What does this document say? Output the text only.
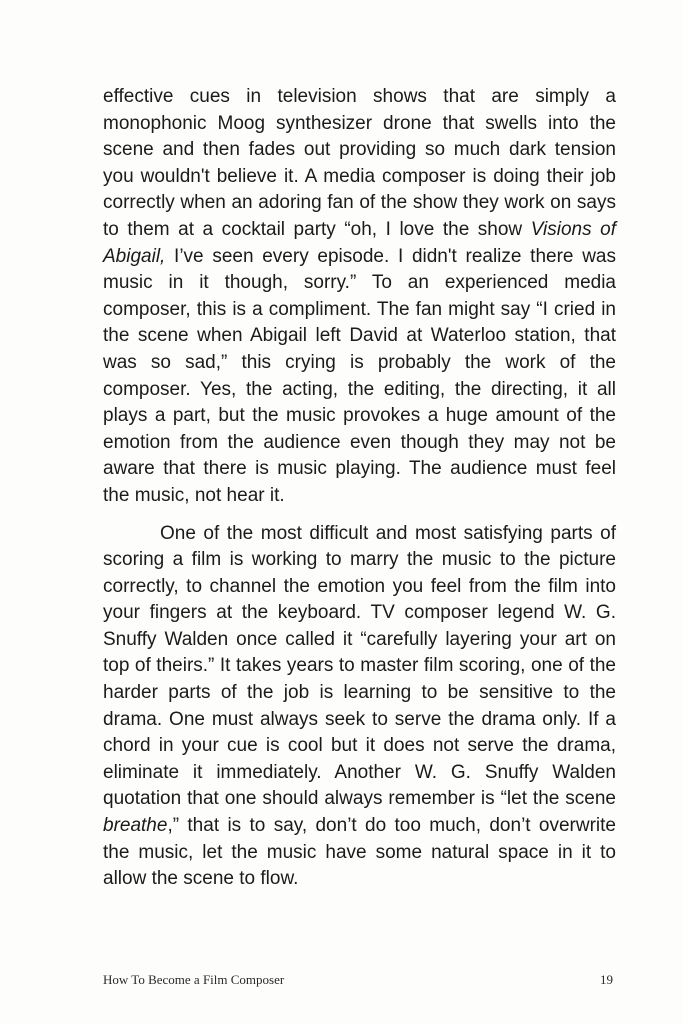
effective cues in television shows that are simply a monophonic Moog synthesizer drone that swells into the scene and then fades out providing so much dark tension you wouldn't believe it. A media composer is doing their job correctly when an adoring fan of the show they work on says to them at a cocktail party “oh, I love the show Visions of Abigail, I’ve seen every episode. I didn't realize there was music in it though, sorry.” To an experienced media composer, this is a compliment. The fan might say “I cried in the scene when Abigail left David at Waterloo station, that was so sad,” this crying is probably the work of the composer. Yes, the acting, the editing, the directing, it all plays a part, but the music provokes a huge amount of the emotion from the audience even though they may not be aware that there is music playing. The audience must feel the music, not hear it.

One of the most difficult and most satisfying parts of scoring a film is working to marry the music to the picture correctly, to channel the emotion you feel from the film into your fingers at the keyboard. TV composer legend W. G. Snuffy Walden once called it “carefully layering your art on top of theirs.” It takes years to master film scoring, one of the harder parts of the job is learning to be sensitive to the drama. One must always seek to serve the drama only. If a chord in your cue is cool but it does not serve the drama, eliminate it immediately. Another W. G. Snuffy Walden quotation that one should always remember is “let the scene breathe,” that is to say, don’t do too much, don’t overwrite the music, let the music have some natural space in it to allow the scene to flow.

How To Become a Film Composer	19
